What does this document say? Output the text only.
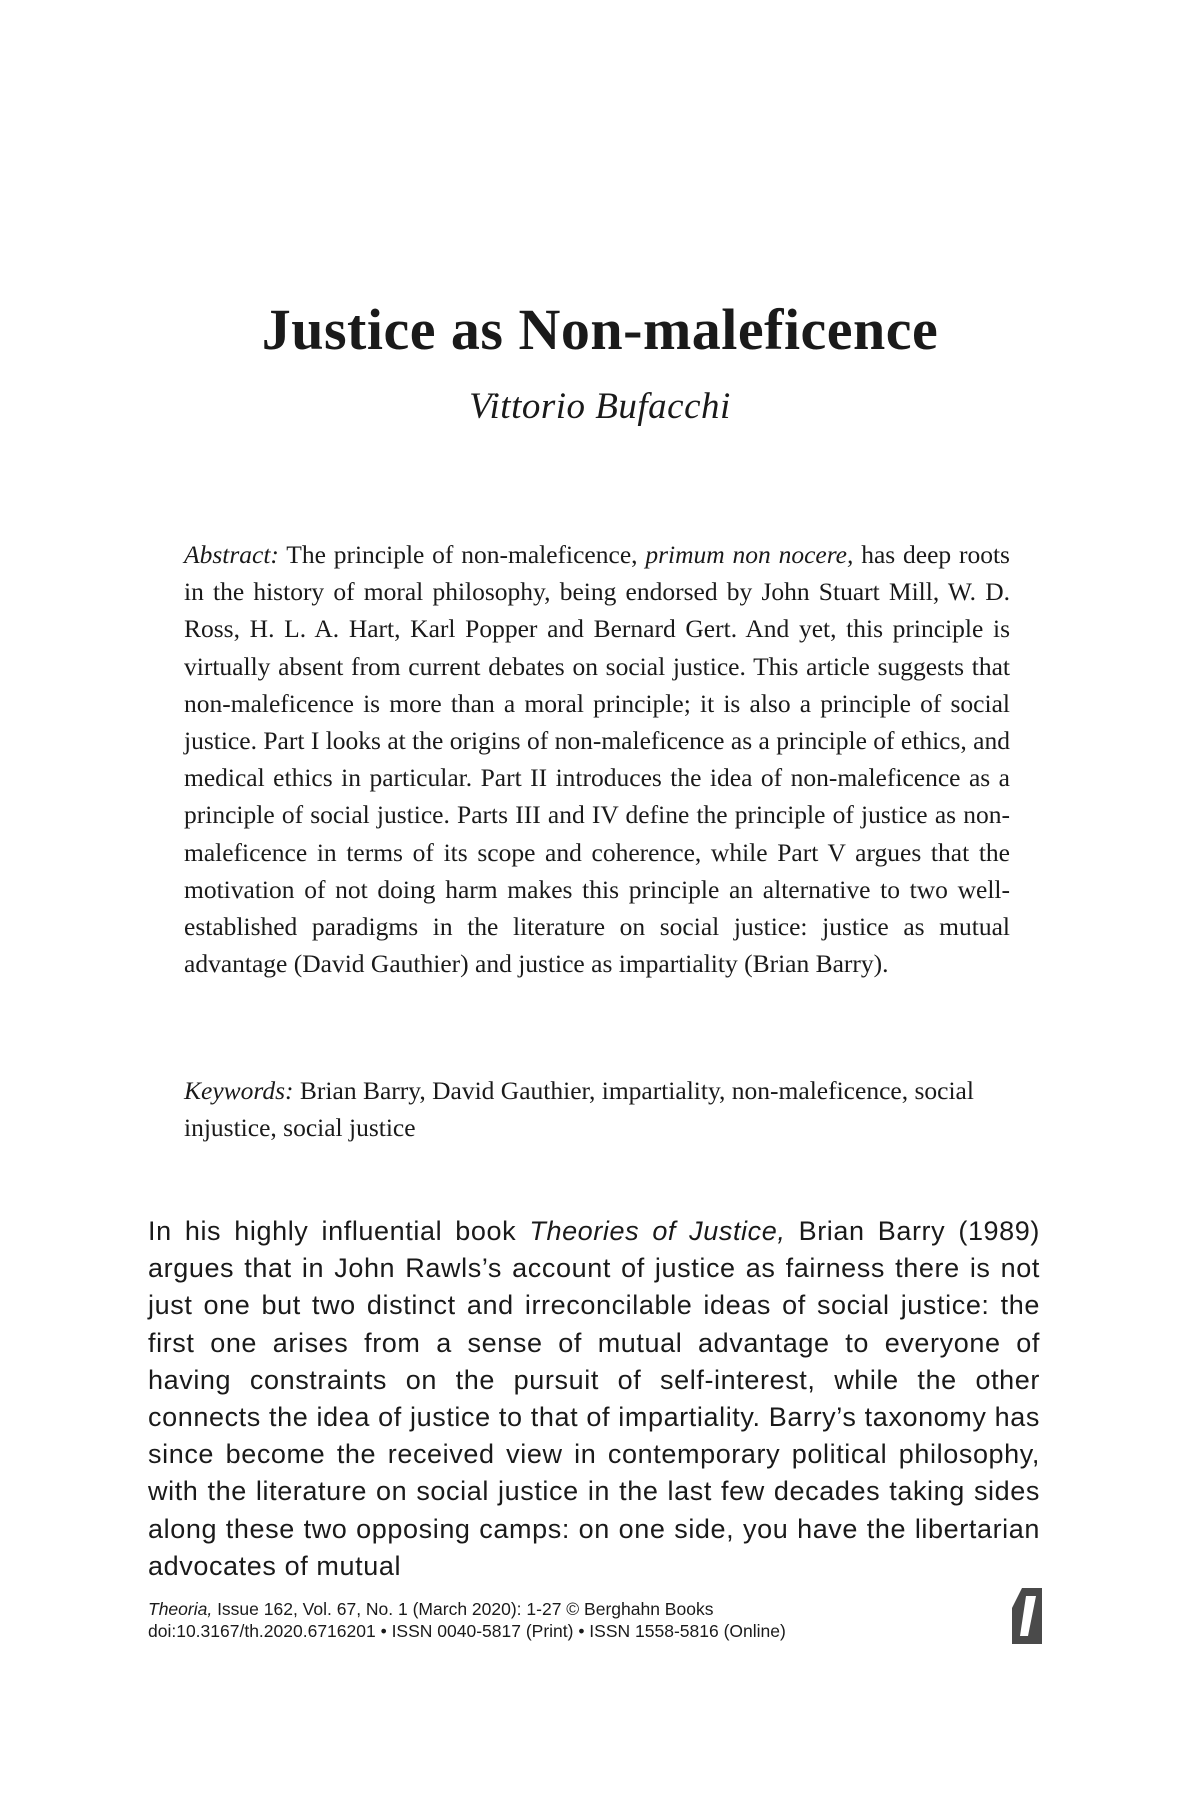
Justice as Non-maleficence
Vittorio Bufacchi

Abstract: The principle of non-maleficence, primum non nocere, has deep roots in the history of moral philosophy, being endorsed by John Stuart Mill, W. D. Ross, H. L. A. Hart, Karl Popper and Bernard Gert. And yet, this principle is virtually absent from current debates on social justice. This article suggests that non-maleficence is more than a moral principle; it is also a principle of social justice. Part I looks at the origins of non-maleficence as a principle of ethics, and medical ethics in particular. Part II introduces the idea of non-maleficence as a principle of social justice. Parts III and IV define the principle of justice as non-maleficence in terms of its scope and coherence, while Part V argues that the motivation of not doing harm makes this principle an alternative to two well-established paradigms in the literature on social justice: justice as mutual advantage (David Gauthier) and justice as impartiality (Brian Barry).

Keywords: Brian Barry, David Gauthier, impartiality, non-maleficence, social injustice, social justice

In his highly influential book Theories of Justice, Brian Barry (1989) argues that in John Rawls’s account of justice as fairness there is not just one but two distinct and irreconcilable ideas of social justice: the first one arises from a sense of mutual advantage to everyone of having constraints on the pursuit of self-interest, while the other connects the idea of justice to that of impartiality. Barry’s taxonomy has since become the received view in contemporary political philosophy, with the literature on social justice in the last few decades taking sides along these two opposing camps: on one side, you have the libertarian advocates of mutual

Theoria, Issue 162, Vol. 67, No. 1 (March 2020): 1-27 © Berghahn Books
doi:10.3167/th.2020.6716201 • ISSN 0040-5817 (Print) • ISSN 1558-5816 (Online)
